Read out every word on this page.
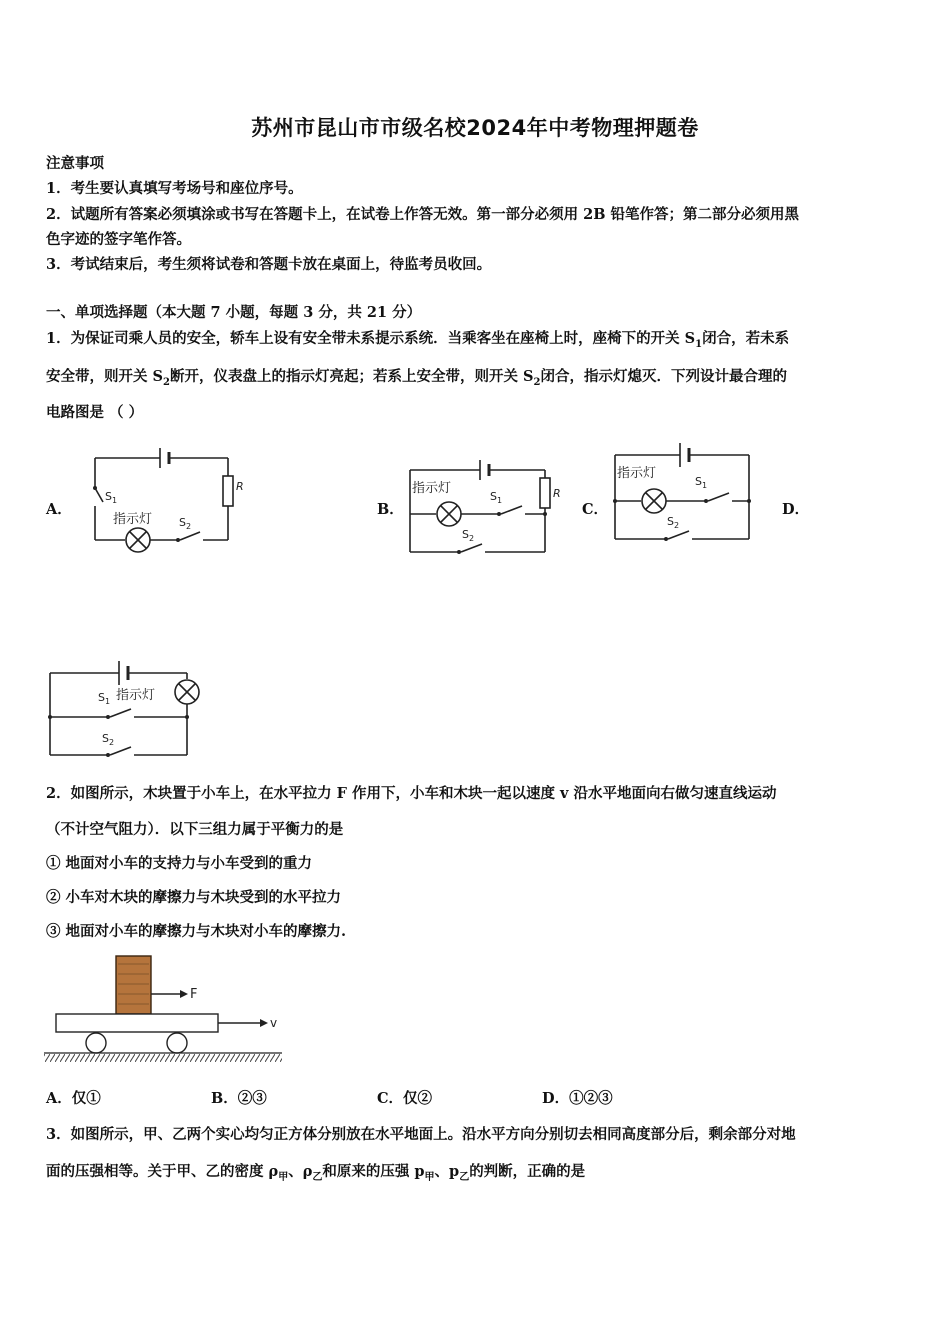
苏州市昆山市市级名校2024年中考物理押题卷
注意事项
1．考生要认真填写考场号和座位序号。
2．试题所有答案必须填涂或书写在答题卡上，在试卷上作答无效。第一部分必须用 2B 铅笔作答；第二部分必须用黑
色字迹的签字笔作答。
3．考试结束后，考生须将试卷和答题卡放在桌面上，待监考员收回。
一、单项选择题（本大题 7 小题，每题 3 分，共 21 分）
1．为保证司乘人员的安全，轿车上设有安全带未系提示系统．当乘客坐在座椅上时，座椅下的开关 $S_1$闭合，若未系
安全带，则开关 $S_2$断开，仪表盘上的指示灯亮起；若系上安全带，则开关 $S_2$闭合，指示灯熄灭．下列设计最合理的
电路图是 （ ）
A．	B．	C．	D．
$S_1$
指示灯 $S_2$
R	指示灯
$S_1$
$S_2$
R
指示灯
$S_1$
$S_2$
指示灯
$S_1$
$S_2$
2．如图所示，木块置于小车上，在水平拉力 F 作用下，小车和木块一起以速度 v 沿水平地面向右做匀速直线运动
（不计空气阻力）．以下三组力属于平衡力的是
① 地面对小车的支持力与小车受到的重力
② 小车对木块的摩擦力与木块受到的水平拉力
③ 地面对小车的摩擦力与木块对小车的摩擦力.
F
v
A．仅①	B．②③	C．仅②	D．①②③
3．如图所示，甲、乙两个实心均匀正方体分别放在水平地面上。沿水平方向分别切去相同高度部分后，剩余部分对地
面的压强相等。关于甲、乙的密度 $\rho_甲$、$\rho_乙$和原来的压强 $p_甲$、$p_乙$的判断，正确的是
